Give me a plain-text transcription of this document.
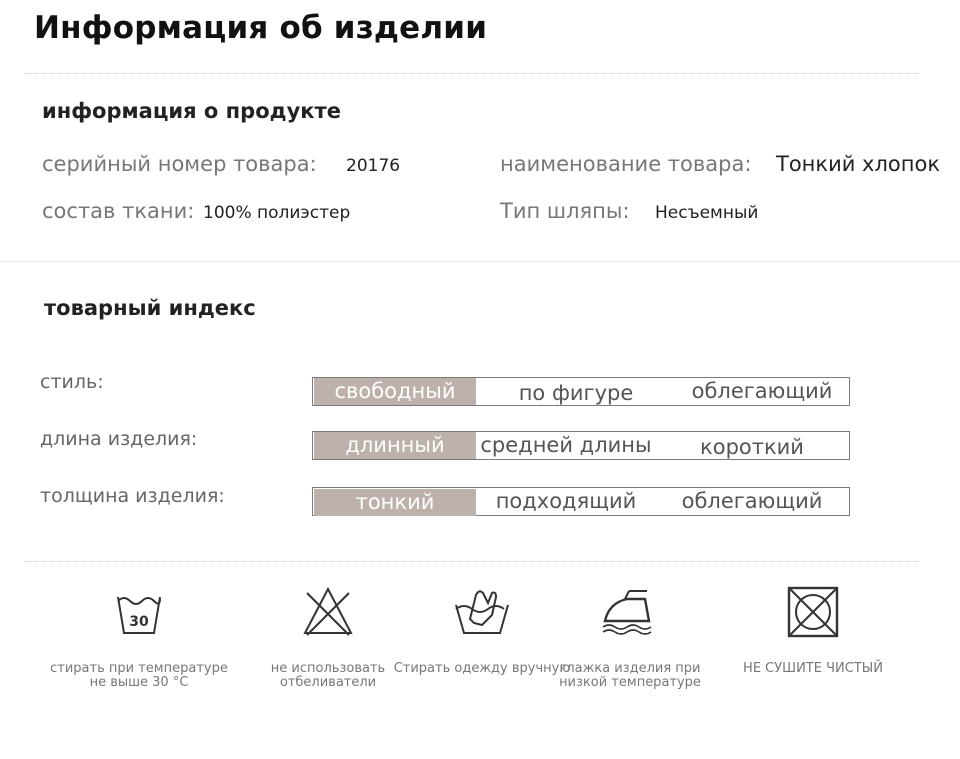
Информация об изделии
информация о продукте
серийный номер товара: 20176	наименование товара: Тонкий хлопок
состав ткани: 100% полиэстер	Тип шляпы: Несъемный
товарный индекс
стиль:	свободный	по фигуре	облегающий
длина изделия:	длинный	средней длины	короткий
толщина изделия:	тонкий	подходящий	облегающий
30
стирать при температуре не выше 30 °C
не использовать отбеливатели
Стирать одежду вручную
глажка изделия при низкой температуре
НЕ СУШИТЕ ЧИСТЫЙ
